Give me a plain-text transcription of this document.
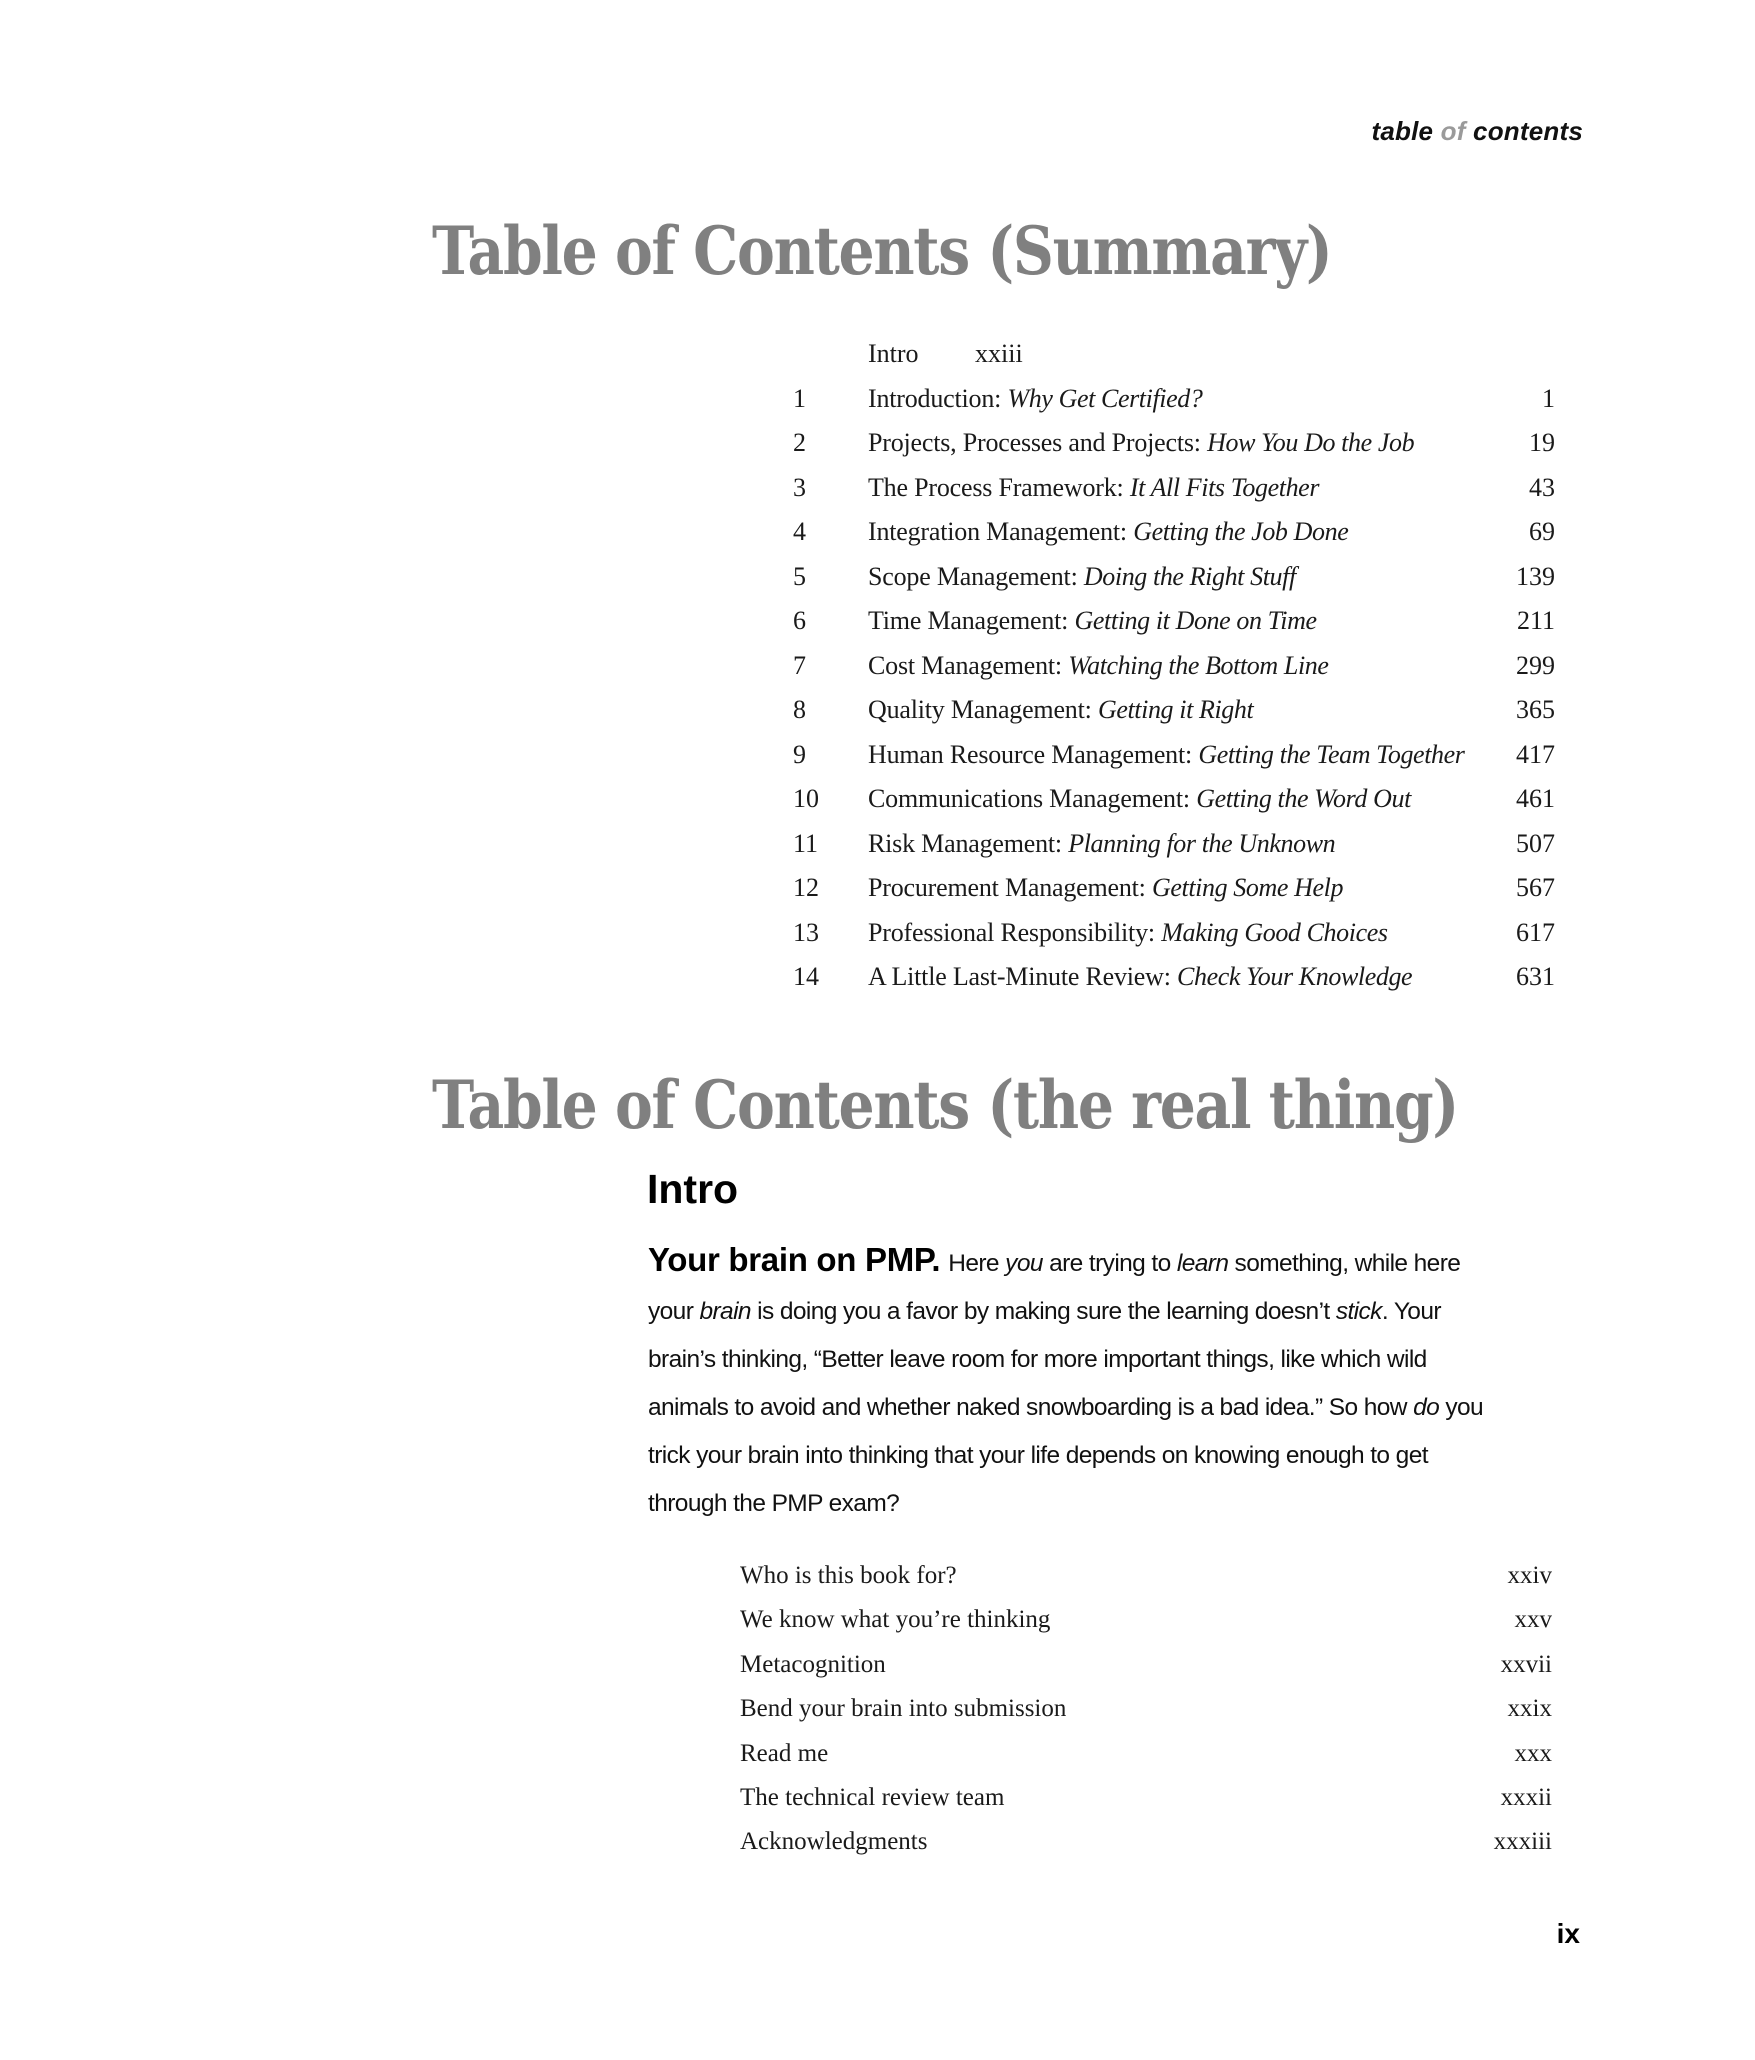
table of contents
Table of Contents (Summary)
Intro xxiii
1 Introduction: Why Get Certified?	1
2 Projects, Processes and Projects: How You Do the Job	19
3 The Process Framework: It All Fits Together	43
4 Integration Management: Getting the Job Done	69
5 Scope Management: Doing the Right Stuff	139
6 Time Management: Getting it Done on Time	211
7 Cost Management: Watching the Bottom Line	299
8 Quality Management: Getting it Right	365
9 Human Resource Management: Getting the Team Together 417
10 Communications Management: Getting the Word Out	461
11 Risk Management: Planning for the Unknown	507
12 Procurement Management: Getting Some Help	567
13 Professional Responsibility: Making Good Choices	617
14 A Little Last-Minute Review: Check Your Knowledge	631
Table of Contents (the real thing)
Intro
Your brain on PMP. Here you are trying to learn something, while here
your brain is doing you a favor by making sure the learning doesn’t stick. Your
brain’s thinking, “Better leave room for more important things, like which wild
animals to avoid and whether naked snowboarding is a bad idea.” So how do you
trick your brain into thinking that your life depends on knowing enough to get
through the PMP exam?
Who is this book for?	xxiv
We know what you’re thinking	xxv
Metacognition	xxvii
Bend your brain into submission	xxix
Read me	xxx
The technical review team	xxxii
Acknowledgments	xxxiii
ix
